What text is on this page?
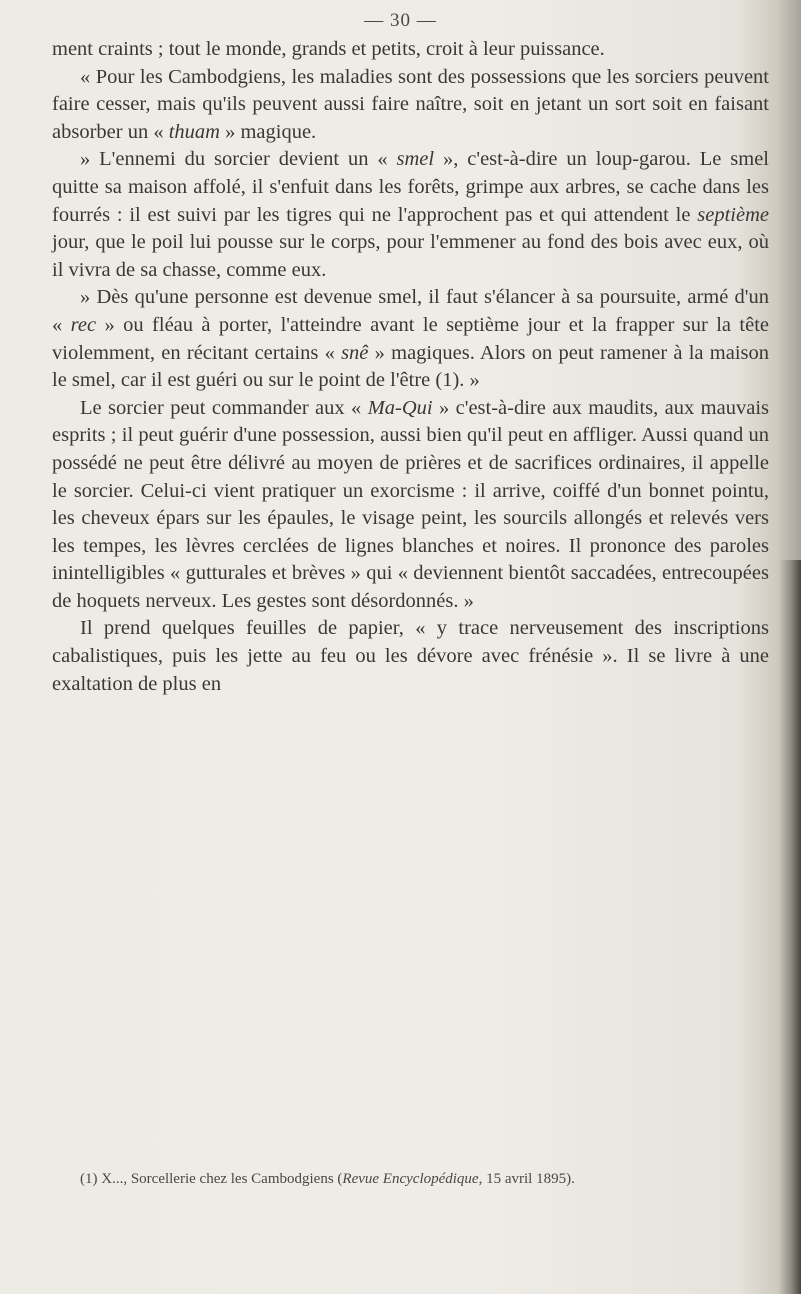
— 30 —

ment craints ; tout le monde, grands et petits, croit à leur puissance.

« Pour les Cambodgiens, les maladies sont des possessions que les sorciers peuvent faire cesser, mais qu'ils peuvent aussi faire naître, soit en jetant un sort soit en faisant absorber un « thuam » magique.

» L'ennemi du sorcier devient un « smel », c'est-à-dire un loup-garou. Le smel quitte sa maison affolé, il s'enfuit dans les forêts, grimpe aux arbres, se cache dans les fourrés : il est suivi par les tigres qui ne l'approchent pas et qui attendent le septième jour, que le poil lui pousse sur le corps, pour l'emmener au fond des bois avec eux, où il vivra de sa chasse, comme eux.

» Dès qu'une personne est devenue smel, il faut s'élancer à sa poursuite, armé d'un « rec » ou fléau à porter, l'atteindre avant le septième jour et la frapper sur la tête violemment, en récitant certains « snê » magiques. Alors on peut ramener à la maison le smel, car il est guéri ou sur le point de l'être (1). »

Le sorcier peut commander aux « Ma-Qui » c'est-à-dire aux maudits, aux mauvais esprits ; il peut guérir d'une possession, aussi bien qu'il peut en affliger. Aussi quand un possédé ne peut être délivré au moyen de prières et de sacrifices ordinaires, il appelle le sorcier. Celui-ci vient pratiquer un exorcisme : il arrive, coiffé d'un bonnet pointu, les cheveux épars sur les épaules, le visage peint, les sourcils allongés et relevés vers les tempes, les lèvres cerclées de lignes blanches et noires. Il prononce des paroles inintelligibles « gutturales et brèves » qui « deviennent bientôt saccadées, entrecoupées de hoquets nerveux. Les gestes sont désordonnés. »

Il prend quelques feuilles de papier, « y trace nerveusement des inscriptions cabalistiques, puis les jette au feu ou les dévore avec frénésie ». Il se livre à une exaltation de plus en

(1) X..., Sorcellerie chez les Cambodgiens (Revue Encyclopédique, 15 avril 1895).
